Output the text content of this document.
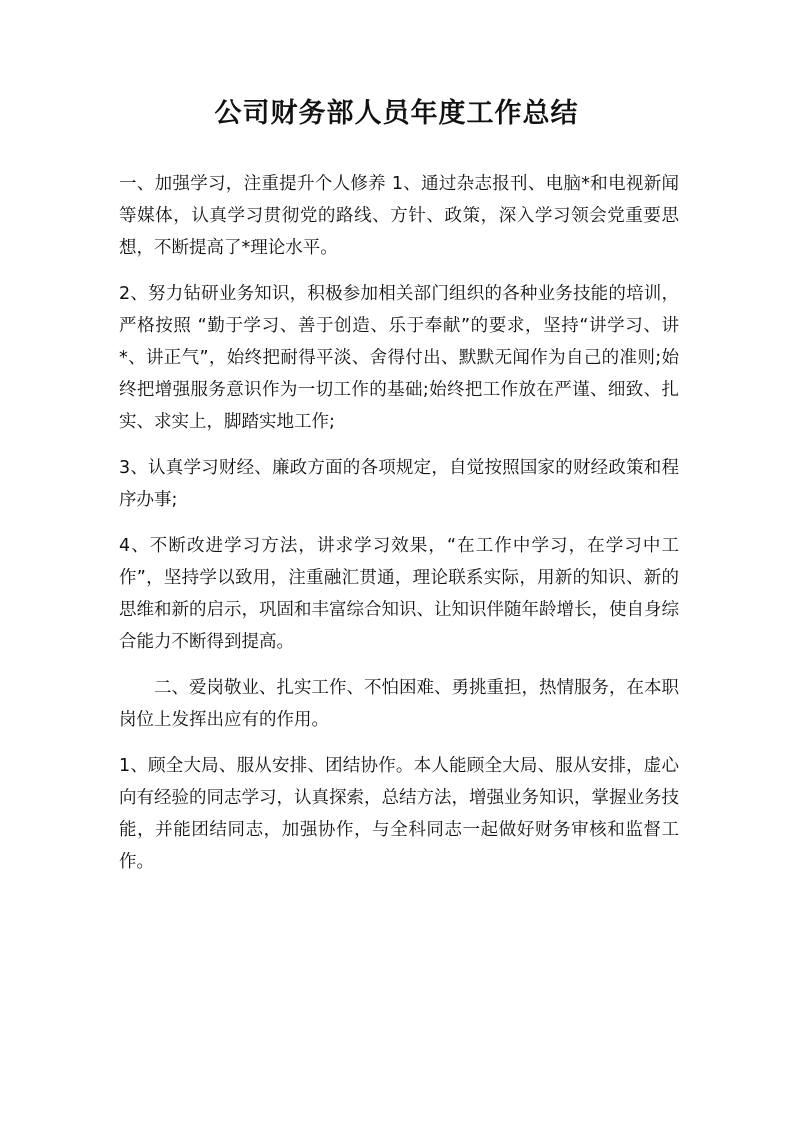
公司财务部人员年度工作总结

一、加强学习，注重提升个人修养 1、通过杂志报刊、电脑*和电视新闻等媒体，认真学习贯彻党的路线、方针、政策，深入学习领会党重要思想，不断提高了*理论水平。

2、努力钻研业务知识，积极参加相关部门组织的各种业务技能的培训，严格按照 “勤于学习、善于创造、乐于奉献”的要求，坚持“讲学习、讲*、讲正气”，始终把耐得平淡、舍得付出、默默无闻作为自己的准则;始终把增强服务意识作为一切工作的基础;始终把工作放在严谨、细致、扎实、求实上，脚踏实地工作;

3、认真学习财经、廉政方面的各项规定，自觉按照国家的财经政策和程序办事;

4、不断改进学习方法，讲求学习效果，“在工作中学习，在学习中工作”，坚持学以致用，注重融汇贯通，理论联系实际，用新的知识、新的思维和新的启示，巩固和丰富综合知识、让知识伴随年龄增长，使自身综合能力不断得到提高。

二、爱岗敬业、扎实工作、不怕困难、勇挑重担，热情服务，在本职岗位上发挥出应有的作用。

1、顾全大局、服从安排、团结协作。本人能顾全大局、服从安排，虚心向有经验的同志学习，认真探索，总结方法，增强业务知识，掌握业务技能，并能团结同志，加强协作，与全科同志一起做好财务审核和监督工作。
